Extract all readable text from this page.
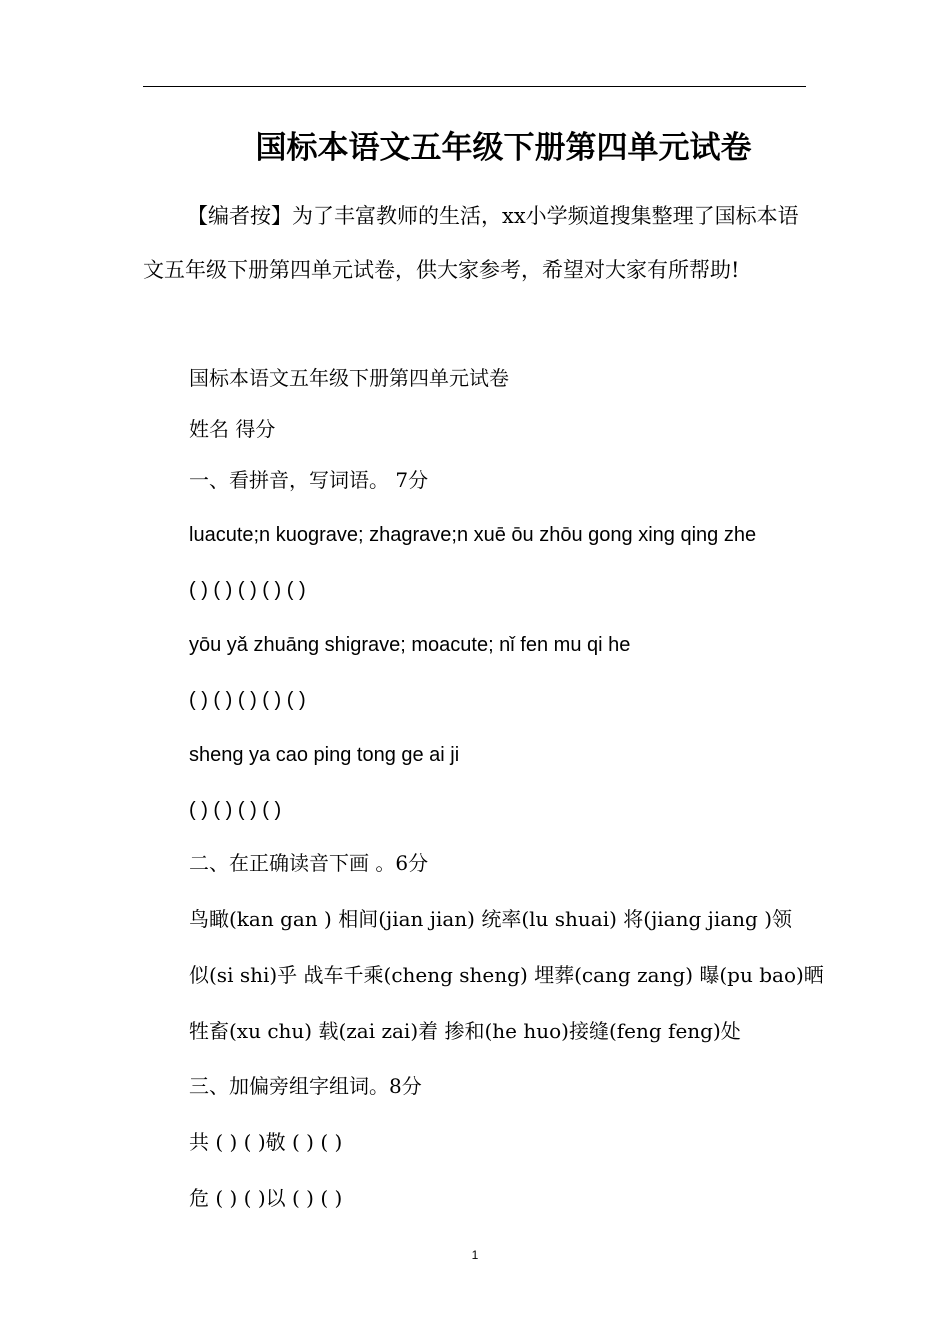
国标本语文五年级下册第四单元试卷

【编者按】为了丰富教师的生活，xx小学频道搜集整理了国标本语文五年级下册第四单元试卷，供大家参考，希望对大家有所帮助!

国标本语文五年级下册第四单元试卷

姓名 得分

一、看拼音，写词语。 7分

luacute;n kuograve; zhagrave;n xuē ōu zhōu gong xing qing zhe

( ) ( ) ( ) ( ) ( )

yōu yǎ zhuāng shigrave; moacute; nǐ fen mu qi he

( ) ( ) ( ) ( ) ( )

sheng ya cao ping tong ge ai ji

( ) ( ) ( ) ( )

二、在正确读音下画 。6分

鸟瞰(kan gan ) 相间(jian jian) 统率(lu shuai) 将(jiang jiang )领

似(si shi)乎 战车千乘(cheng sheng) 埋葬(cang zang) 曝(pu bao)晒

牲畜(xu chu) 载(zai zai)着 掺和(he huo)接缝(feng feng)处

三、加偏旁组字组词。8分

共 ( ) ( )敬 ( ) ( )

危 ( ) ( )以 ( ) ( )

1
